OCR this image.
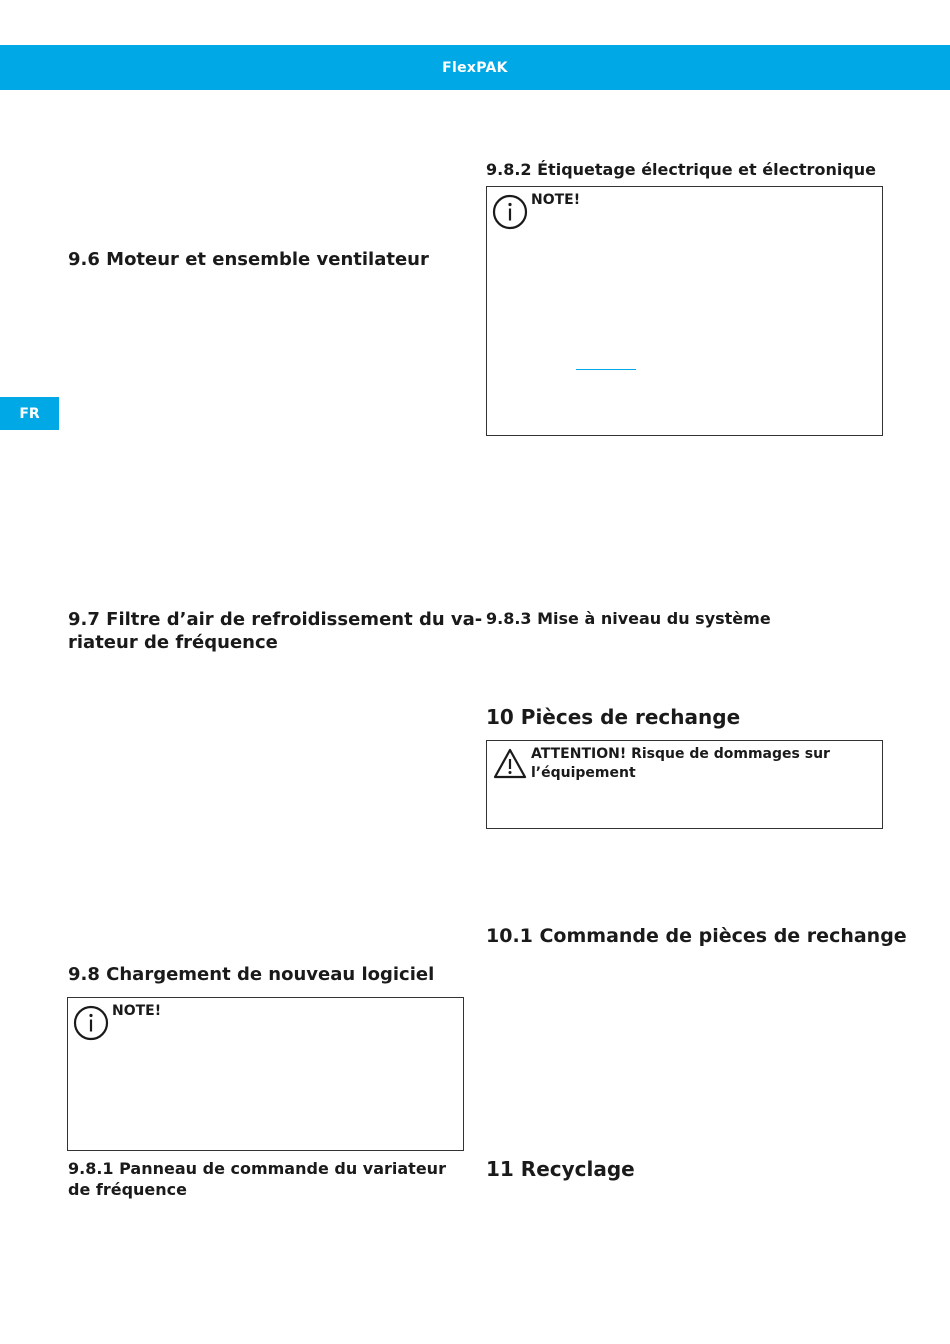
FlexPAK
FR
9.6 Moteur et ensemble ventilateur
9.7 Filtre d’air de refroidissement du va-
riateur de fréquence
9.8 Chargement de nouveau logiciel
NOTE!
9.8.1 Panneau de commande du variateur
de fréquence
9.8.2 Étiquetage électrique et électronique
NOTE!
9.8.3 Mise à niveau du système
10 Pièces de rechange
ATTENTION! Risque de dommages sur
l’équipement
10.1 Commande de pièces de rechange
11 Recyclage
